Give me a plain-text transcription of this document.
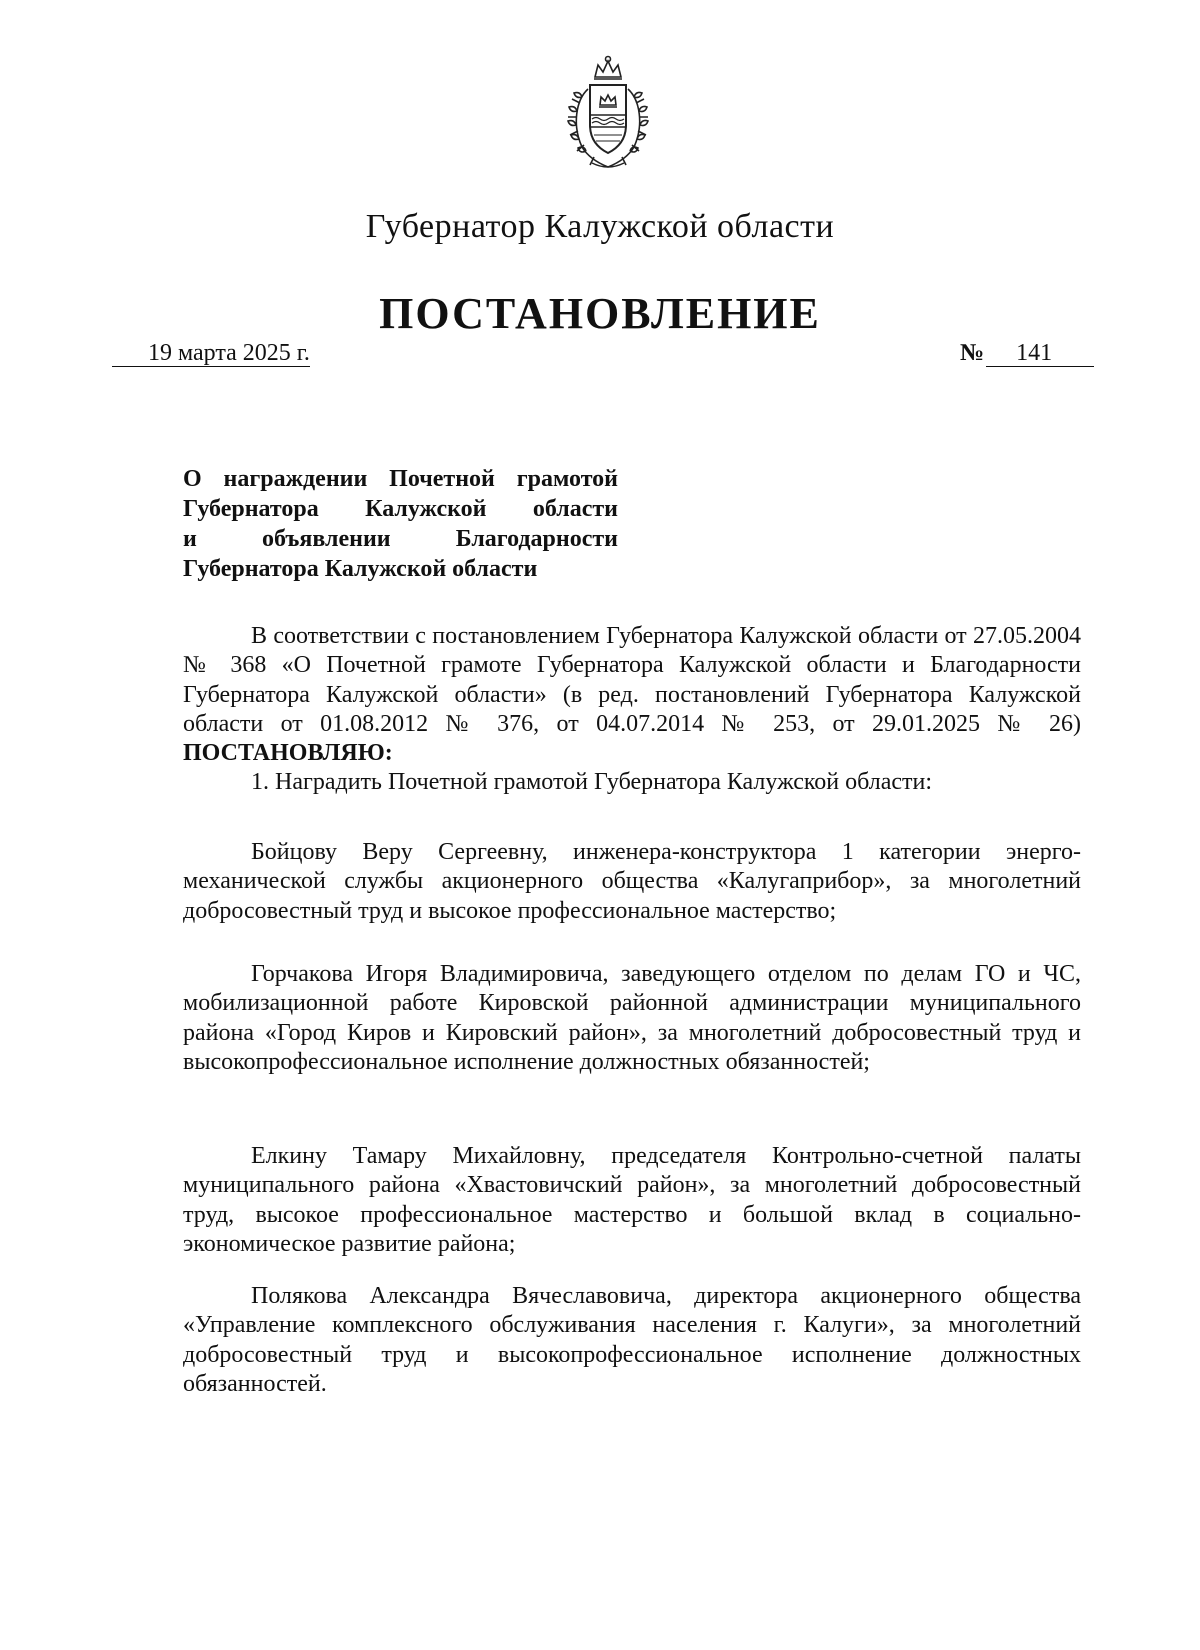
Губернатор Калужской области
ПОСТАНОВЛЕНИЕ
19 марта 2025 г.	№ 141
О награждении Почетной грамотой
Губернатора Калужской области
и объявлении Благодарности
Губернатора Калужской области

В соответствии с постановлением Губернатора Калужской области от 27.05.2004 № 368 «О Почетной грамоте Губернатора Калужской области и Благодарности Губернатора Калужской области» (в ред. постановлений Губернатора Калужской области от 01.08.2012 № 376, от 04.07.2014 № 253, от 29.01.2025 № 26) ПОСТАНОВЛЯЮ:

1. Наградить Почетной грамотой Губернатора Калужской области:

Бойцову Веру Сергеевну, инженера-конструктора 1 категории энерго-механической службы акционерного общества «Калугаприбор», за многолетний добросовестный труд и высокое профессиональное мастерство;

Горчакова Игоря Владимировича, заведующего отделом по делам ГО и ЧС, мобилизационной работе Кировской районной администрации муниципального района «Город Киров и Кировский район», за многолетний добросовестный труд и высокопрофессиональное исполнение должностных обязанностей;

Елкину Тамару Михайловну, председателя Контрольно-счетной палаты муниципального района «Хвастовичский район», за многолетний добросовестный труд, высокое профессиональное мастерство и большой вклад в социально-экономическое развитие района;

Полякова Александра Вячеславовича, директора акционерного общества «Управление комплексного обслуживания населения г. Калуги», за многолетний добросовестный труд и высокопрофессиональное исполнение должностных обязанностей.
